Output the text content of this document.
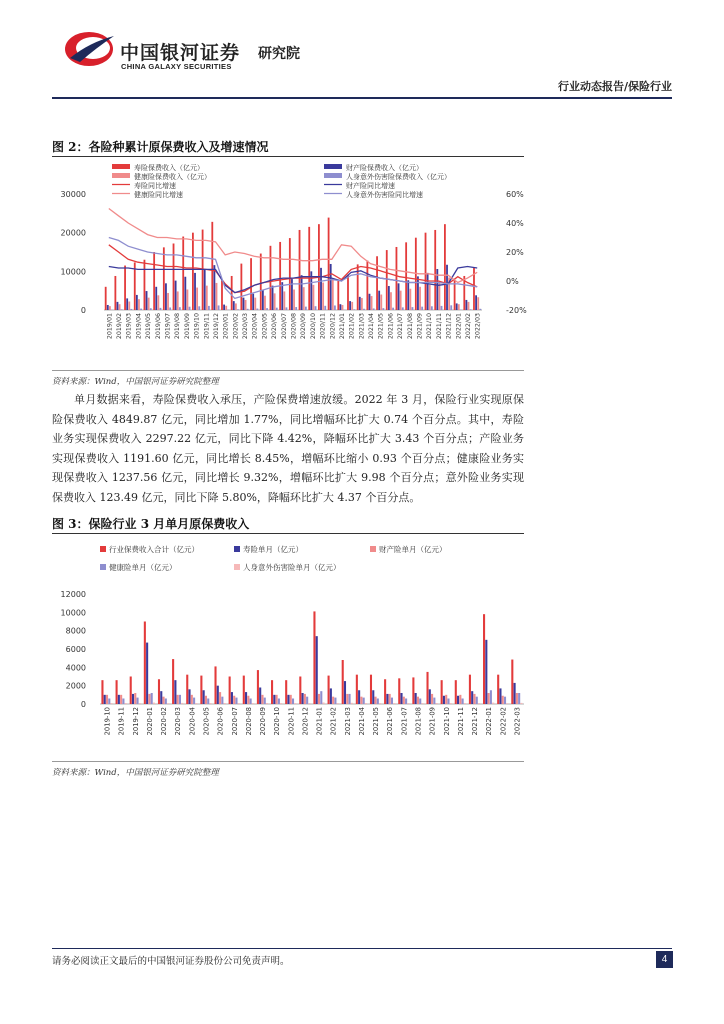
中国银河证券
CHINA GALAXY SECURITIES
研究院
行业动态报告/保险行业
图 2：各险种累计原保费收入及增速情况
0
10000
20000
30000
-20%
0%
20%
40%
60%
2019/01 2019/02 2019/03 2019/04 2019/05 2019/06 2019/07 2019/08 2019/09 2019/10 2019/11 2019/12 2020/01 2020/02 2020/03 2020/04 2020/05 2020/06 2020/07 2020/08 2020/09 2020/10 2020/11 2020/12 2021/01 2021/02 2021/03 2021/04 2021/05 2021/06 2021/07 2021/08 2021/09 2021/10 2021/11 2021/12 2022/01 2022/02 2022/03
寿险保费收入（亿元）	财产险保费收入（亿元）
健康险保费收入（亿元）	人身意外伤害险保费收入（亿元）
寿险同比增速	财产险同比增速
健康险同比增速	人身意外伤害险同比增速
资料来源：Wind，中国银河证券研究院整理
单月数据来看，寿险保费收入承压，产险保费增速放缓。2022 年 3 月，保险行业实现原保险保费收入 4849.87 亿元，同比增加 1.77%，同比增幅环比扩大 0.74 个百分点。其中，寿险业务实现保费收入 2297.22 亿元，同比下降 4.42%，降幅环比扩大 3.43 个百分点；产险业务实现保费收入 1191.60 亿元，同比增长 8.45%，增幅环比缩小 0.93 个百分点；健康险业务实现保费收入 1237.56 亿元，同比增长 9.32%，增幅环比扩大 9.98 个百分点；意外险业务实现保费收入 123.49 亿元，同比下降 5.80%，降幅环比扩大 4.37 个百分点。
图 3：保险行业 3 月单月原保费收入
0
2000
4000
6000
8000
10000
12000
2019-10 2019-11 2019-12 2020-01 2020-02 2020-03 2020-04 2020-05 2020-06 2020-07 2020-08 2020-09 2020-10 2020-11 2020-12 2021-01 2021-02 2021-03 2021-04 2021-05 2021-06 2021-07 2021-08 2021-09 2021-10 2021-11 2021-12 2022-01 2022-02 2022-03
行业保费收入合计（亿元）	寿险单月（亿元）	财产险单月（亿元）
健康险单月（亿元）	人身意外伤害险单月（亿元）
资料来源：Wind，中国银河证券研究院整理
请务必阅读正文最后的中国银河证券股份公司免责声明。	4
